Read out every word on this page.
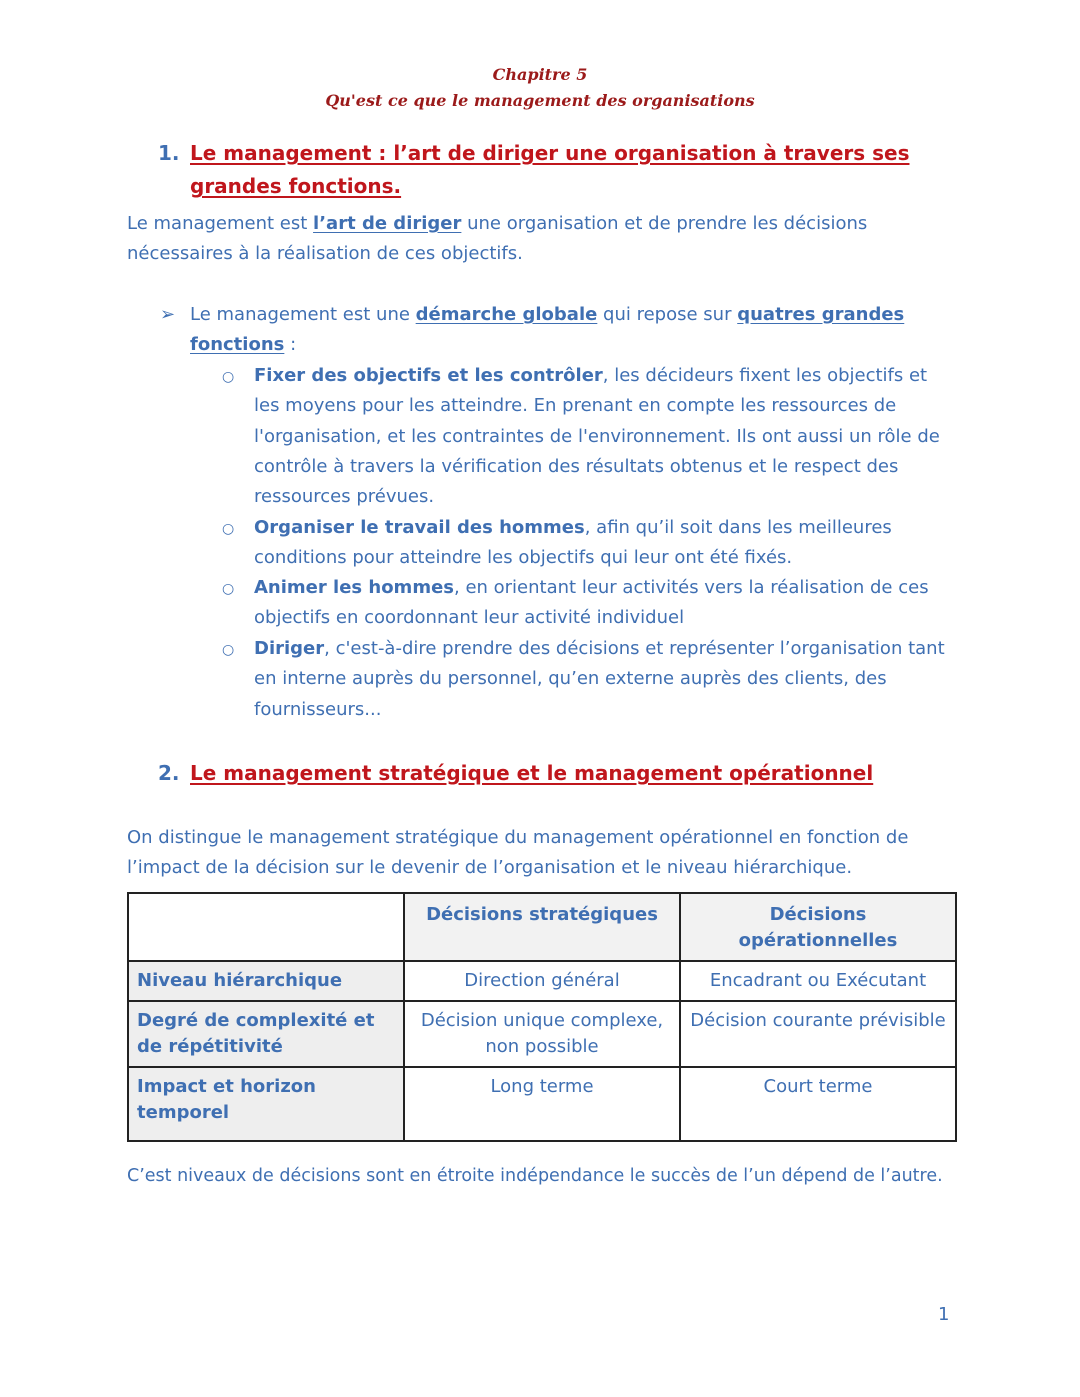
Chapitre 5
Qu'est ce que le management des organisations
1. Le management : l’art de diriger une organisation à travers ses grandes fonctions.

Le management est l’art de diriger une organisation et de prendre les décisions nécessaires à la réalisation de ces objectifs.

➢ Le management est une démarche globale qui repose sur quatres grandes fonctions :

○ Fixer des objectifs et les contrôler, les décideurs fixent les objectifs et les moyens pour les atteindre. En prenant en compte les ressources de l'organisation, et les contraintes de l'environnement. Ils ont aussi un rôle de contrôle à travers la vérification des résultats obtenus et le respect des ressources prévues.

○ Organiser le travail des hommes, afin qu’il soit dans les meilleures conditions pour atteindre les objectifs qui leur ont été fixés.

○ Animer les hommes, en orientant leur activités vers la réalisation de ces objectifs en coordonnant leur activité individuel

○ Diriger, c'est-à-dire prendre des décisions et représenter l’organisation tant en interne auprès du personnel, qu’en externe auprès des clients, des fournisseurs...

2. Le management stratégique et le management opérationnel

On distingue le management stratégique du management opérationnel en fonction de l’impact de la décision sur le devenir de l’organisation et le niveau hiérarchique.

	Décisions stratégiques	Décisions opérationnelles
Niveau hiérarchique	Direction général	Encadrant ou Exécutant
Degré de complexité et de répétitivité	Décision unique complexe, non possible	Décision courante prévisible
Impact et horizon temporel	Long terme	Court terme

C’est niveaux de décisions sont en étroite indépendance le succès de l’un dépend de l’autre.

1
